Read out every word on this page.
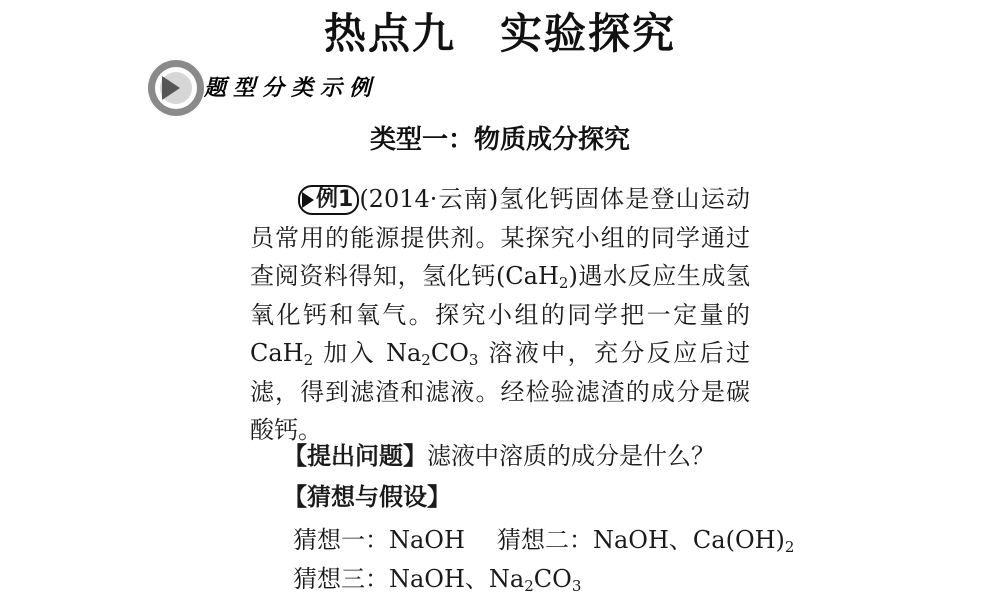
热点九　实验探究
题型分类示例
类型一：物质成分探究
例1 (2014·云南)氢化钙固体是登山运动员常用的能源提供剂。某探究小组的同学通过查阅资料得知，氢化钙(CaH$_2$)遇水反应生成氢氧化钙和氧气。探究小组的同学把一定量的 CaH$_2$ 加入 $Na_2CO_3$ 溶液中，充分反应后过滤，得到滤渣和滤液。经检验滤渣的成分是碳酸钙。
【提出问题】滤液中溶质的成分是什么？
【猜想与假设】
猜想一：NaOH 猜想二：NaOH、$Ca(OH)_2$
猜想三：NaOH、$Na_2CO_3$
